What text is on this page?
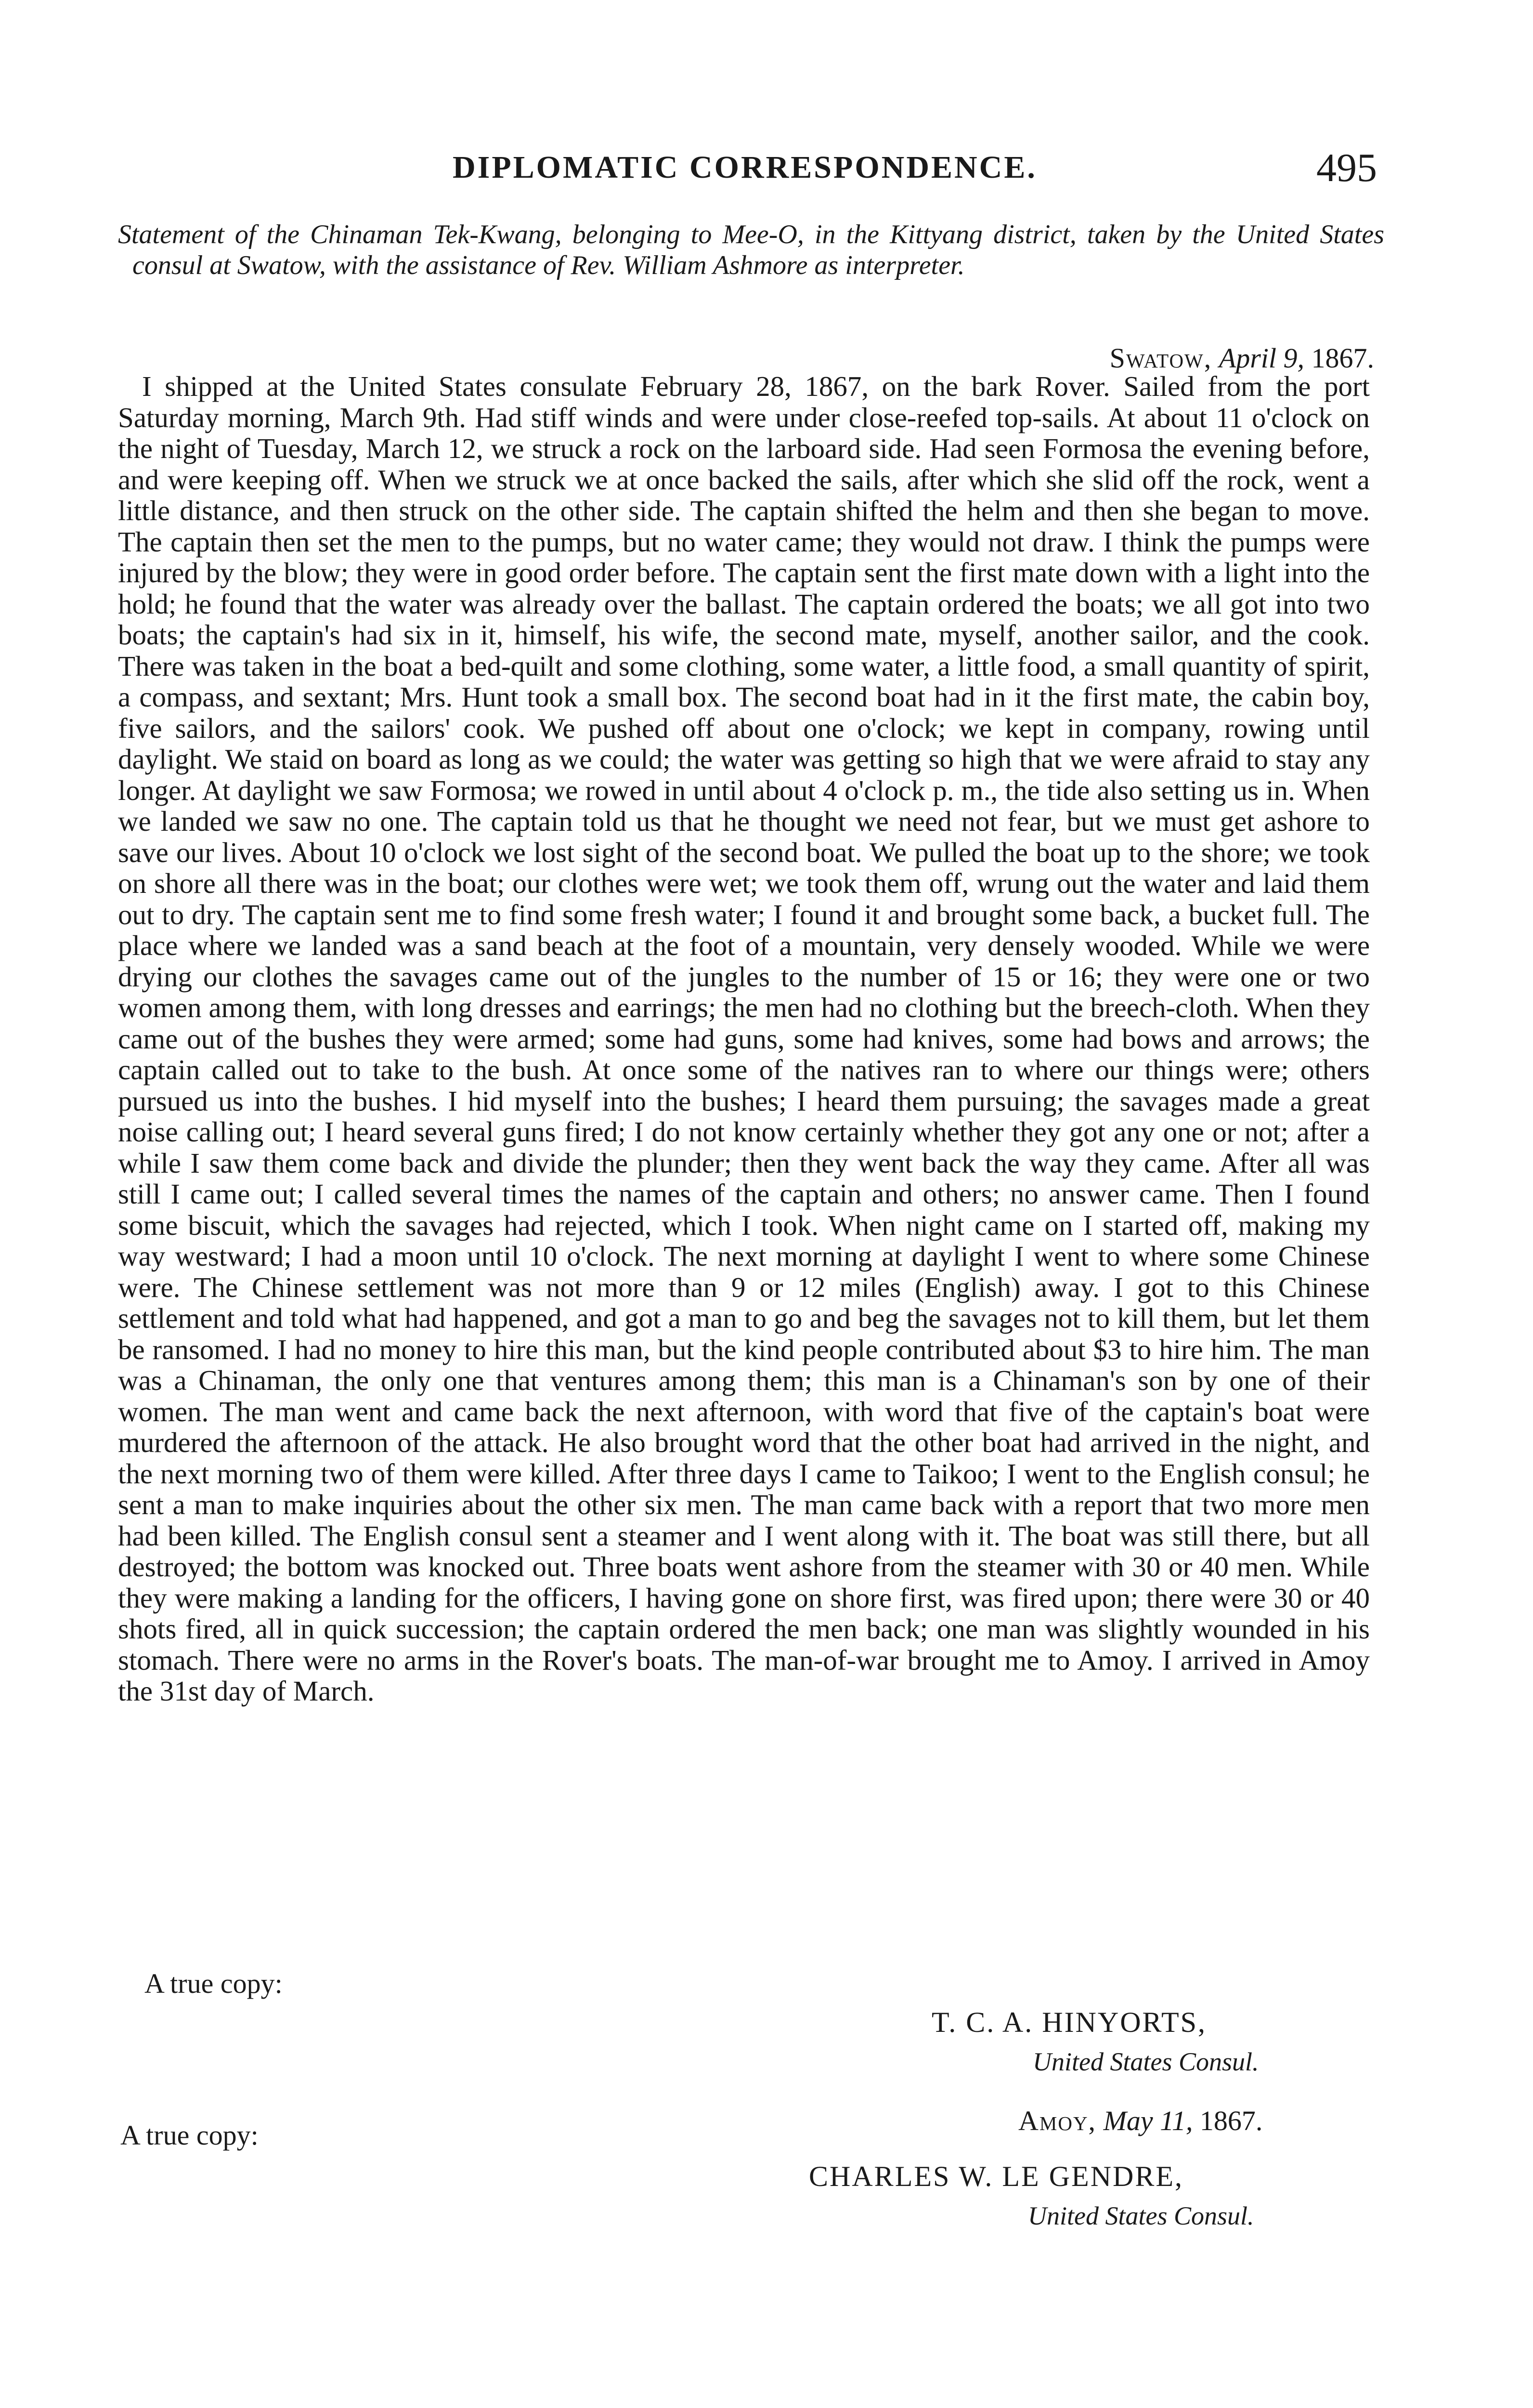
DIPLOMATIC CORRESPONDENCE.	495
Statement of the Chinaman Tek-Kwang, belonging to Mee-O, in the Kittyang district, taken by the United States consul at Swatow, with the assistance of Rev. William Ashmore as interpreter.
Swatow, April 9, 1867.

I shipped at the United States consulate February 28, 1867, on the bark Rover. Sailed from the port Saturday morning, March 9th. Had stiff winds and were under close-reefed top-sails. At about 11 o'clock on the night of Tuesday, March 12, we struck a rock on the larboard side. Had seen Formosa the evening before, and were keeping off. When we struck we at once backed the sails, after which she slid off the rock, went a little distance, and then struck on the other side. The captain shifted the helm and then she began to move. The captain then set the men to the pumps, but no water came; they would not draw. I think the pumps were injured by the blow; they were in good order before. The captain sent the first mate down with a light into the hold; he found that the water was already over the ballast. The captain ordered the boats; we all got into two boats; the captain's had six in it, himself, his wife, the second mate, myself, another sailor, and the cook. There was taken in the boat a bed-quilt and some clothing, some water, a little food, a small quantity of spirit, a compass, and sextant; Mrs. Hunt took a small box. The second boat had in it the first mate, the cabin boy, five sailors, and the sailors' cook. We pushed off about one o'clock; we kept in company, rowing until daylight. We staid on board as long as we could; the water was getting so high that we were afraid to stay any longer. At daylight we saw Formosa; we rowed in until about 4 o'clock p. m., the tide also setting us in. When we landed we saw no one. The captain told us that he thought we need not fear, but we must get ashore to save our lives. About 10 o'clock we lost sight of the second boat. We pulled the boat up to the shore; we took on shore all there was in the boat; our clothes were wet; we took them off, wrung out the water and laid them out to dry. The captain sent me to find some fresh water; I found it and brought some back, a bucket full. The place where we landed was a sand beach at the foot of a mountain, very densely wooded. While we were drying our clothes the savages came out of the jungles to the number of 15 or 16; they were one or two women among them, with long dresses and earrings; the men had no clothing but the breech-cloth. When they came out of the bushes they were armed; some had guns, some had knives, some had bows and arrows; the captain called out to take to the bush. At once some of the natives ran to where our things were; others pursued us into the bushes. I hid myself into the bushes; I heard them pursuing; the savages made a great noise calling out; I heard several guns fired; I do not know certainly whether they got any one or not; after a while I saw them come back and divide the plunder; then they went back the way they came. After all was still I came out; I called several times the names of the captain and others; no answer came. Then I found some biscuit, which the savages had rejected, which I took. When night came on I started off, making my way westward; I had a moon until 10 o'clock. The next morning at daylight I went to where some Chinese were. The Chinese settlement was not more than 9 or 12 miles (English) away. I got to this Chinese settlement and told what had happened, and got a man to go and beg the savages not to kill them, but let them be ransomed. I had no money to hire this man, but the kind people contributed about $3 to hire him. The man was a Chinaman, the only one that ventures among them; this man is a Chinaman's son by one of their women. The man went and came back the next afternoon, with word that five of the captain's boat were murdered the afternoon of the attack. He also brought word that the other boat had arrived in the night, and the next morning two of them were killed. After three days I came to Taikoo; I went to the English consul; he sent a man to make inquiries about the other six men. The man came back with a report that two more men had been killed. The English consul sent a steamer and I went along with it. The boat was still there, but all destroyed; the bottom was knocked out. Three boats went ashore from the steamer with 30 or 40 men. While they were making a landing for the officers, I having gone on shore first, was fired upon; there were 30 or 40 shots fired, all in quick succession; the captain ordered the men back; one man was slightly wounded in his stomach. There were no arms in the Rover's boats. The man-of-war brought me to Amoy. I arrived in Amoy the 31st day of March.

A true copy:
T. C. A. HINYORTS,
United States Consul.
Amoy, May 11, 1867.
A true copy:
CHARLES W. LE GENDRE,
United States Consul.
